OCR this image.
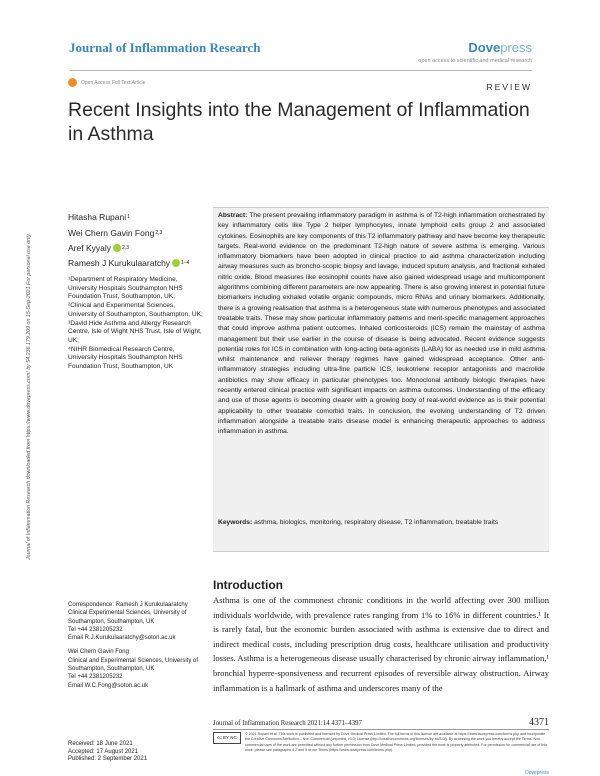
Journal of Inflammation Research	Dovepress
open access to scientific and medical research
Open Access Full Text Article	REVIEW
Recent Insights into the Management of Inflammation in Asthma
Journal of Inflammation Research downloaded from https://www.dovepress.com/ by 54.236.179.209 on 15-Sep-2021 For personal use only.
Hitasha Rupani 1
Wei Chern Gavin Fong 2,3
Aref Kyyaly 2,3
Ramesh J Kurukulaaratchy 1–4

¹Department of Respiratory Medicine, University Hospitals Southampton NHS Foundation Trust, Southampton, UK;

²Clinical and Experimental Sciences, University of Southampton, Southampton, UK; ³David Hide Asthma and Allergy Research Centre, Isle of Wight NHS Trust, Isle of Wight, UK;

⁴NIHR Biomedical Research Centre, University Hospitals Southampton NHS Foundation Trust, Southampton, UK

Abstract: The present prevailing inflammatory paradigm in asthma is of T2-high inflammation orchestrated by key inflammatory cells like Type 2 helper lymphocytes, innate lymphoid cells group 2 and associated cytokines. Eosinophils are key components of this T2 inflammatory pathway and have become key therapeutic targets. Real-world evidence on the predominant T2-high nature of severe asthma is emerging. Various inflammatory biomarkers have been adopted in clinical practice to aid asthma characterization including airway measures such as broncho-scopic biopsy and lavage, induced sputum analysis, and fractional exhaled nitric oxide. Blood measures like eosinophil counts have also gained widespread usage and multicomponent algorithms combining different parameters are now appearing. There is also growing interest in potential future biomarkers including exhaled volatile organic compounds, micro RNAs and urinary biomarkers. Additionally, there is a growing realisation that asthma is a heterogeneous state with numerous phenotypes and associated treatable traits. These may show particular inflammatory patterns and merit-specific management approaches that could improve asthma patient outcomes. Inhaled corticosteroids (ICS) remain the mainstay of asthma management but their use earlier in the course of disease is being advocated. Recent evidence suggests potential roles for ICS in combination with long-acting beta-agonists (LABA) for as needed use in mild asthma whilst maintenance and reliever therapy regimes have gained widespread acceptance. Other anti-inflammatory strategies including ultra-fine particle ICS, leukotriene receptor antagonists and macrolide antibiotics may show efficacy in particular phenotypes too. Monoclonal antibody biologic therapies have recently entered clinical practice with significant impacts on asthma outcomes. Understanding of the efficacy and use of those agents is becoming clearer with a growing body of real-world evidence as is their potential applicability to other treatable comorbid traits. In conclusion, the evolving understanding of T2 driven inflammation alongside a treatable traits disease model is enhancing therapeutic approaches to address inflammation in asthma.
Keywords: asthma, biologics, monitoring, respiratory disease, T2 inflammation, treatable traits
Introduction
Asthma is one of the commonest chronic conditions in the world affecting over 300 million individuals worldwide, with prevalence rates ranging from 1% to 16% in different countries.¹ It is rarely fatal, but the economic burden associated with asthma is extensive due to direct and indirect medical costs, including prescription drug costs, healthcare utilisation and productivity losses. Asthma is a heterogeneous disease usually characterised by chronic airway inflammation,¹ bronchial hyperre-sponsiveness and recurrent episodes of reversible airway obstruction. Airway inflammation is a hallmark of asthma and underscores many of the

Correspondence: Ramesh J Kurukulaaratchy

Clinical Experimental Sciences, University of Southampton, Southampton, UK

Tel +44 2381205232

Email R.J.Kurukulaaratchy@soton.ac.uk

Wei Chern Gavin Fong

Clinical and Experimental Sciences, University of Southampton, Southampton, UK

Tel +44 2381205232

Email W.C.Fong@soton.ac.uk

Received: 18 June 2021

Accepted: 17 August 2021

Published: 2 September 2021

Journal of Inflammation Research 2021:14 4371–4397	4371
cc BY NC
© 2021 Rupani et al. This work is published and licensed by Dove Medical Press Limited. The full terms of this license are available at https://www.dovepress.com/terms.php and incorporate the Creative Commons Attribution – Non Commercial (unported, v3.0) License (http://creativecommons.org/licenses/by-nc/3.0/). By accessing the work you hereby accept the Terms. Non-commercial uses of the work are permitted without any further permission from Dove Medical Press Limited, provided the work is properly attributed. For permission for commercial use of this work, please see paragraphs 4.2 and 5 of our Terms (https://www.dovepress.com/terms.php).
Dovepress
